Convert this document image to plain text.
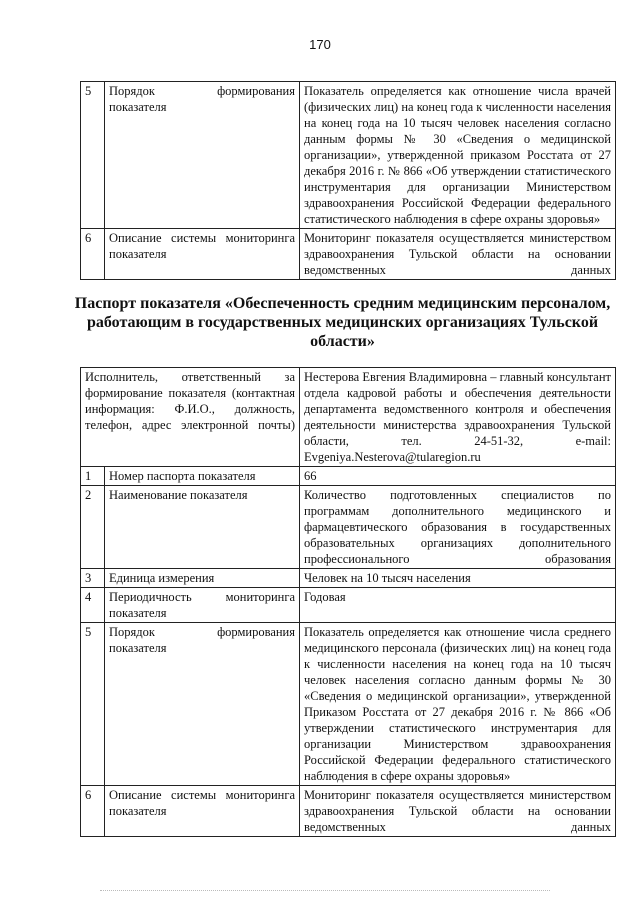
170
5	Порядок формирования показателя	Показатель определяется как отношение числа врачей (физических лиц) на конец года к численности населения на конец года на 10 тысяч человек населения согласно данным формы № 30 «Сведения о медицинской организации», утвержденной приказом Росстата от 27 декабря 2016 г. № 866 «Об утверждении статистического инструментария для организации Министерством здравоохранения Российской Федерации федерального статистического наблюдения в сфере охраны здоровья»
6	Описание системы мониторинга показателя	Мониторинг показателя осуществляется министерством здравоохранения Тульской области на основании ведомственных данных
Паспорт показателя «Обеспеченность средним медицинским персоналом, работающим в государственных медицинских организациях Тульской области»
Исполнитель, ответственный за формирование показателя (контактная информация: Ф.И.О., должность, телефон, адрес электронной почты)		Нестерова Евгения Владимировна – главный консультант отдела кадровой работы и обеспечения деятельности департамента ведомственного контроля и обеспечения деятельности министерства здравоохранения Тульской области, тел. 24-51-32, e-mail: Evgeniya.Nesterova@tularegion.ru
1	Номер паспорта показателя	66
2	Наименование показателя	Количество подготовленных специалистов по программам дополнительного медицинского и фармацевтического образования в государственных образовательных организациях дополнительного профессионального образования
3	Единица измерения	Человек на 10 тысяч населения
4	Периодичность мониторинга показателя	Годовая
5	Порядок формирования показателя	Показатель определяется как отношение числа среднего медицинского персонала (физических лиц) на конец года к численности населения на конец года на 10 тысяч человек населения согласно данным формы № 30 «Сведения о медицинской организации», утвержденной Приказом Росстата от 27 декабря 2016 г. № 866 «Об утверждении статистического инструментария для организации Министерством здравоохранения Российской Федерации федерального статистического наблюдения в сфере охраны здоровья»
6	Описание системы мониторинга показателя	Мониторинг показателя осуществляется министерством здравоохранения Тульской области на основании ведомственных данных
